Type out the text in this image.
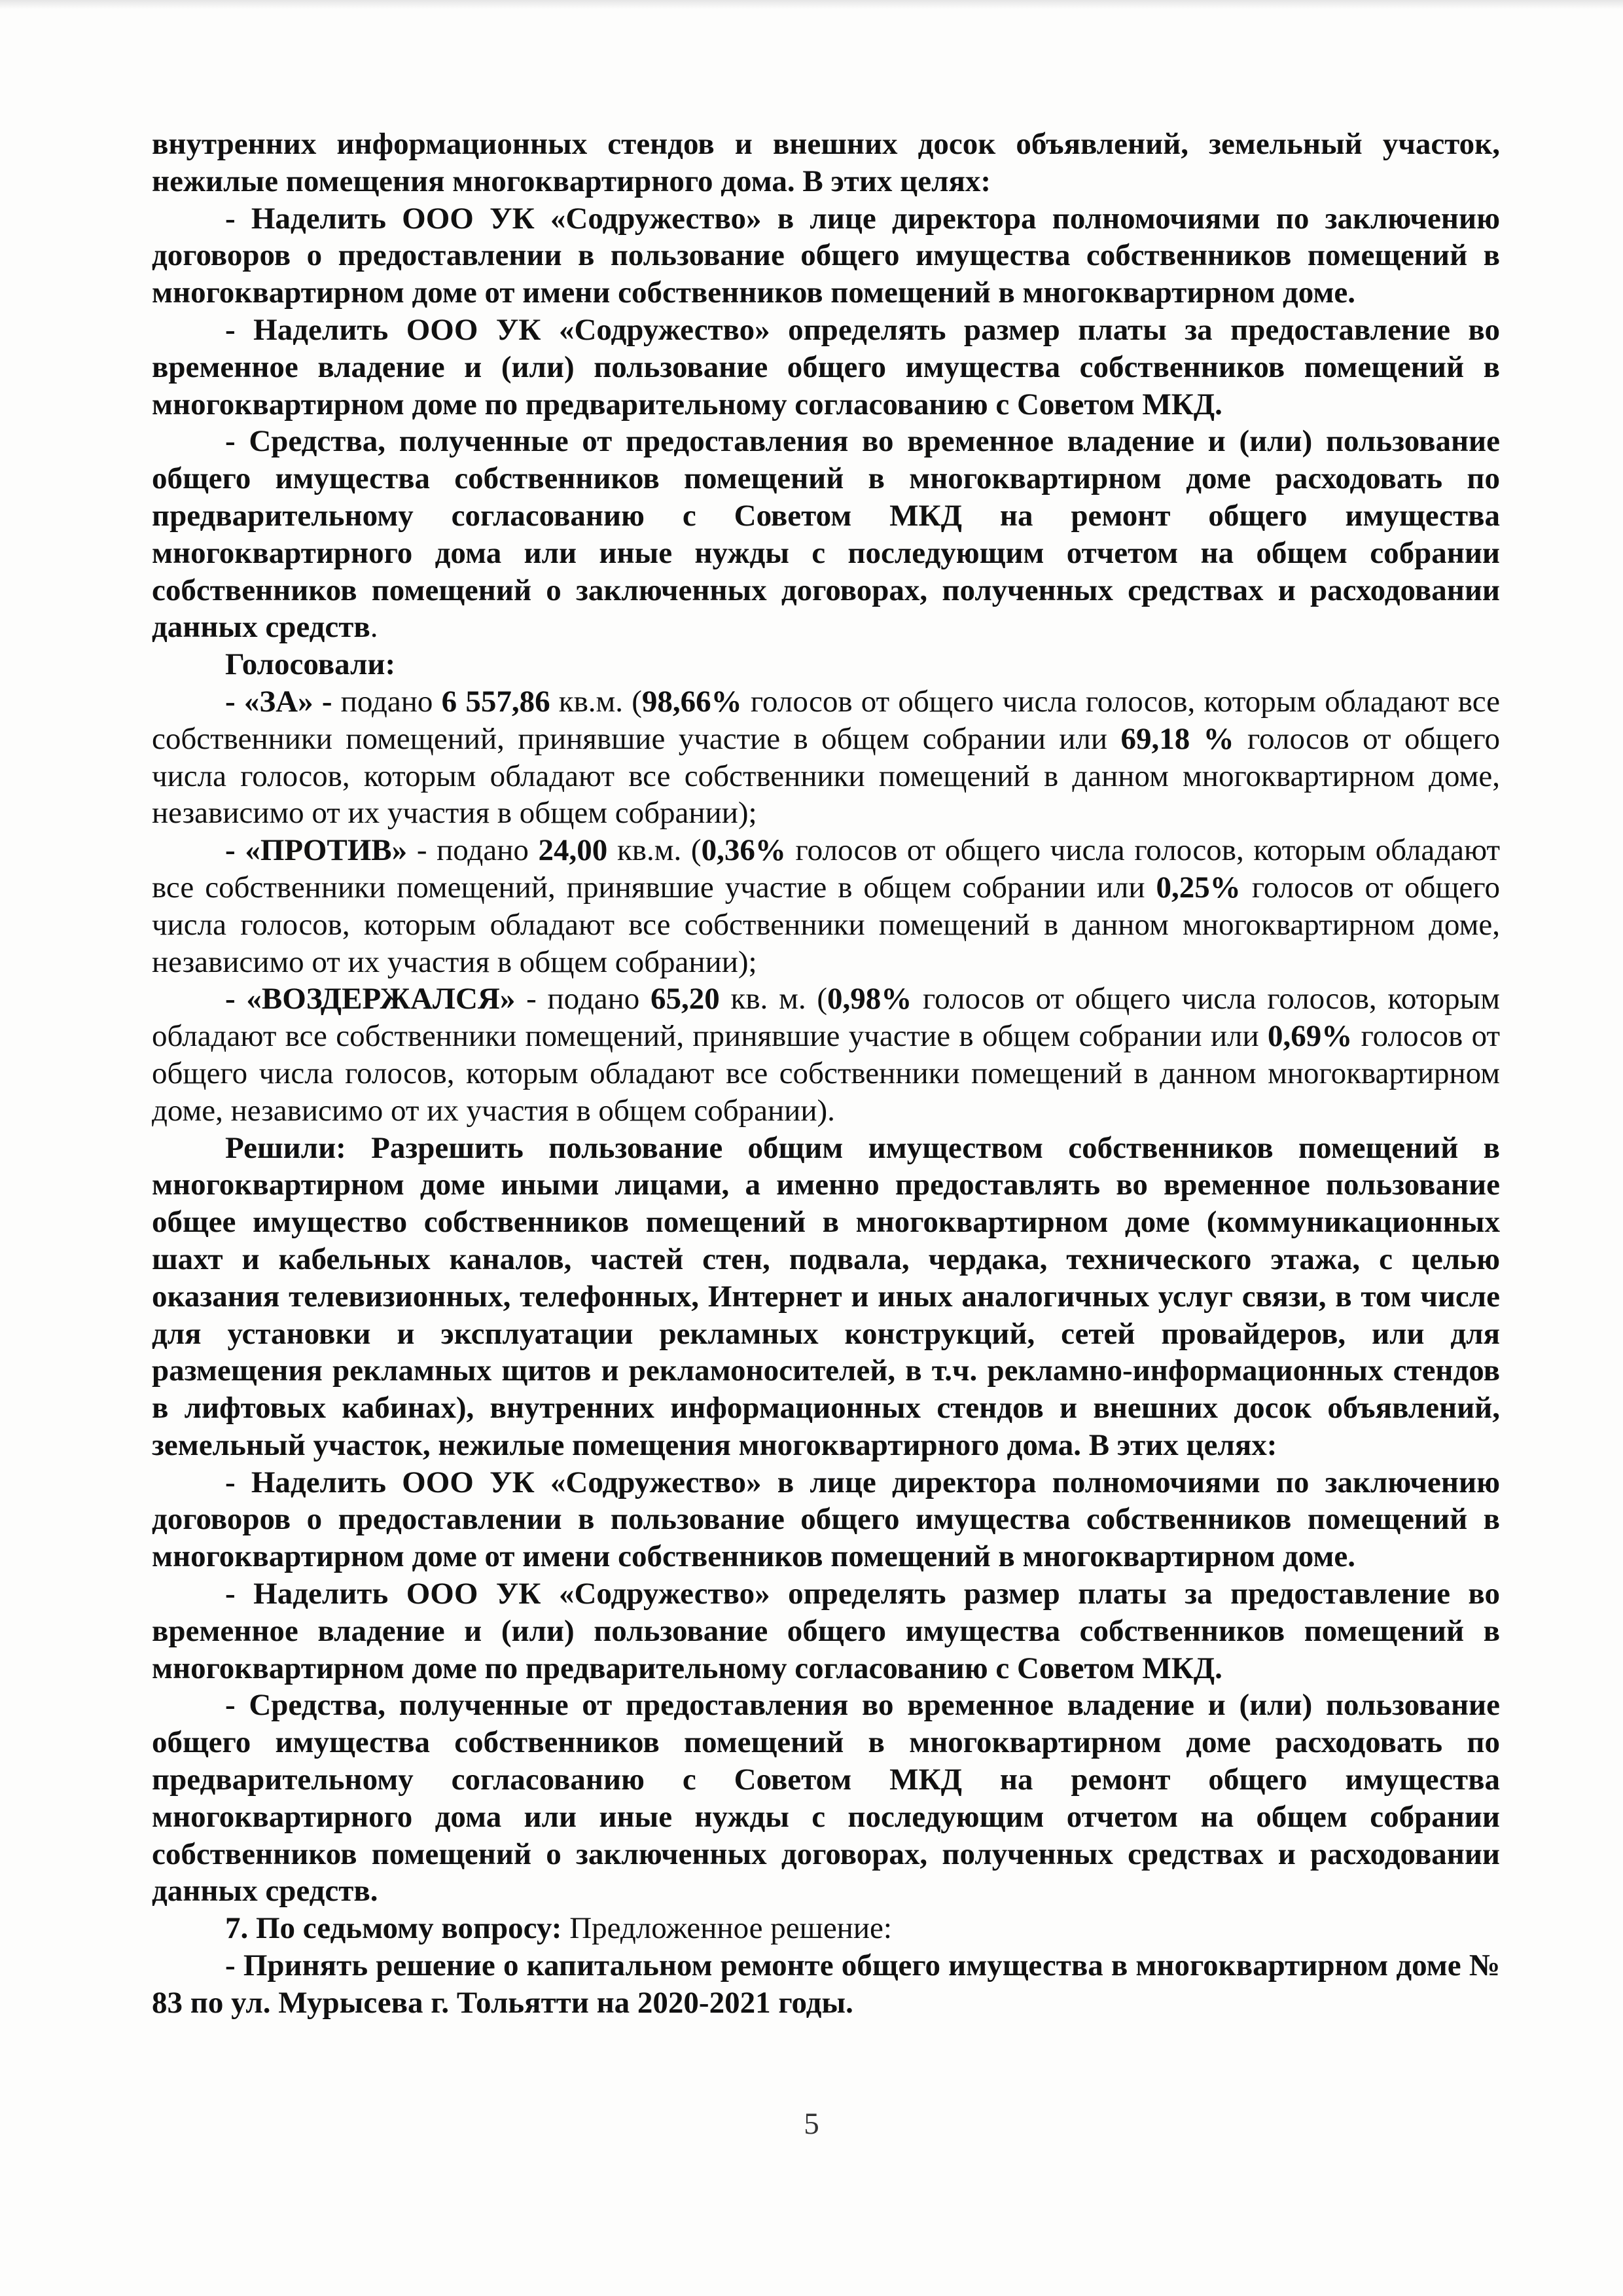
внутренних информационных стендов и внешних досок объявлений, земельный участок, нежилые помещения многоквартирного дома. В этих целях:

- Наделить ООО УК «Содружество» в лице директора полномочиями по заключению договоров о предоставлении в пользование общего имущества собственников помещений в многоквартирном доме от имени собственников помещений в многоквартирном доме.

- Наделить ООО УК «Содружество» определять размер платы за предоставление во временное владение и (или) пользование общего имущества собственников помещений в многоквартирном доме по предварительному согласованию с Советом МКД.

- Средства, полученные от предоставления во временное владение и (или) пользование общего имущества собственников помещений в многоквартирном доме расходовать по предварительному согласованию с Советом МКД на ремонт общего имущества многоквартирного дома или иные нужды с последующим отчетом на общем собрании собственников помещений о заключенных договорах, полученных средствах и расходовании данных средств.

Голосовали:

- «ЗА» - подано 6 557,86 кв.м. (98,66% голосов от общего числа голосов, которым обладают все собственники помещений, принявшие участие в общем собрании или 69,18 % голосов от общего числа голосов, которым обладают все собственники помещений в данном многоквартирном доме, независимо от их участия в общем собрании);

- «ПРОТИВ» - подано 24,00 кв.м. (0,36% голосов от общего числа голосов, которым обладают все собственники помещений, принявшие участие в общем собрании или 0,25% голосов от общего числа голосов, которым обладают все собственники помещений в данном многоквартирном доме, независимо от их участия в общем собрании);

- «ВОЗДЕРЖАЛСЯ» - подано 65,20 кв. м. (0,98% голосов от общего числа голосов, которым обладают все собственники помещений, принявшие участие в общем собрании или 0,69% голосов от общего числа голосов, которым обладают все собственники помещений в данном многоквартирном доме, независимо от их участия в общем собрании).

Решили: Разрешить пользование общим имуществом собственников помещений в многоквартирном доме иными лицами, а именно предоставлять во временное пользование общее имущество собственников помещений в многоквартирном доме (коммуникационных шахт и кабельных каналов, частей стен, подвала, чердака, технического этажа, с целью оказания телевизионных, телефонных, Интернет и иных аналогичных услуг связи, в том числе для установки и эксплуатации рекламных конструкций, сетей провайдеров, или для размещения рекламных щитов и рекламоносителей, в т.ч. рекламно-информационных стендов в лифтовых кабинах), внутренних информационных стендов и внешних досок объявлений, земельный участок, нежилые помещения многоквартирного дома. В этих целях:

- Наделить ООО УК «Содружество» в лице директора полномочиями по заключению договоров о предоставлении в пользование общего имущества собственников помещений в многоквартирном доме от имени собственников помещений в многоквартирном доме.

- Наделить ООО УК «Содружество» определять размер платы за предоставление во временное владение и (или) пользование общего имущества собственников помещений в многоквартирном доме по предварительному согласованию с Советом МКД.

- Средства, полученные от предоставления во временное владение и (или) пользование общего имущества собственников помещений в многоквартирном доме расходовать по предварительному согласованию с Советом МКД на ремонт общего имущества многоквартирного дома или иные нужды с последующим отчетом на общем собрании собственников помещений о заключенных договорах, полученных средствах и расходовании данных средств.

7. По седьмому вопросу: Предложенное решение:

- Принять решение о капитальном ремонте общего имущества в многоквартирном доме № 83 по ул. Мурысева г. Тольятти на 2020-2021 годы.

5
